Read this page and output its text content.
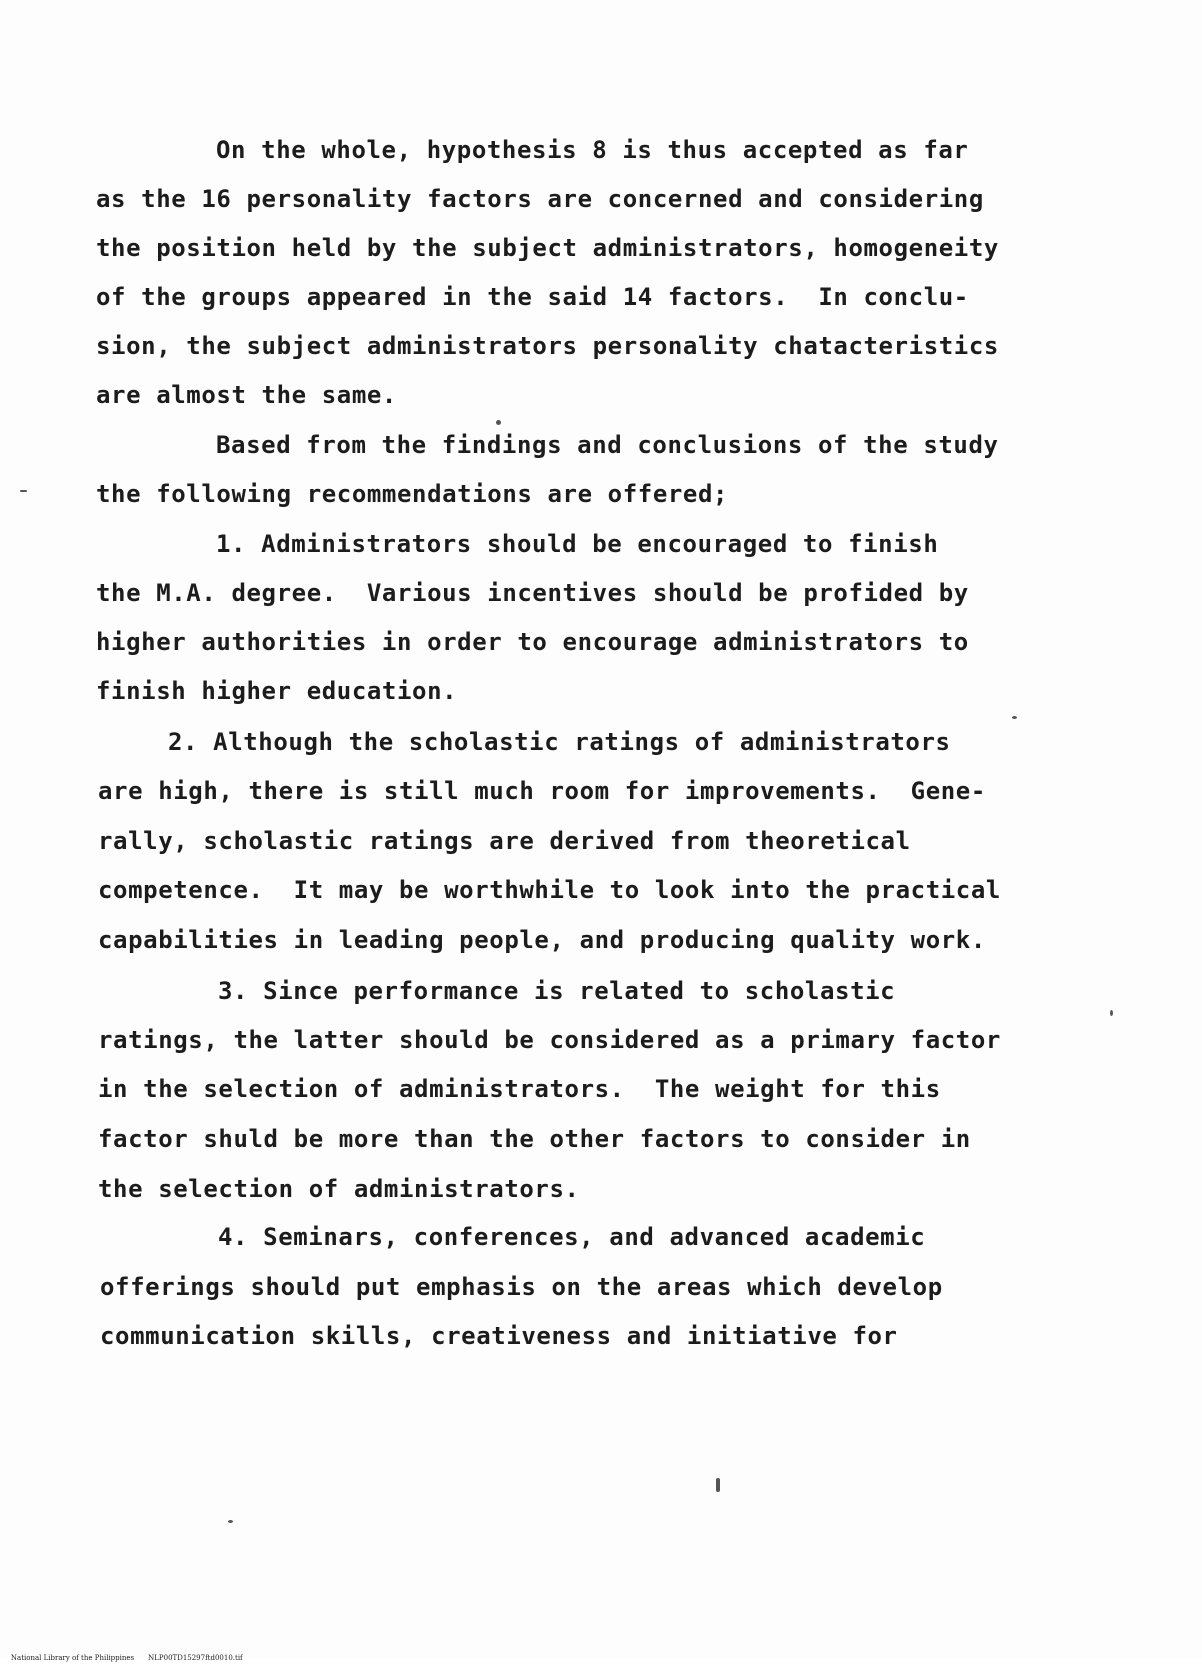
On the whole, hypothesis 8 is thus accepted as far

as the 16 personality factors are concerned and considering

the position held by the subject administrators, homogeneity

of the groups appeared in the said 14 factors.  In conclu-

sion, the subject administrators personality chatacteristics

are almost the same.

Based from the findings and conclusions of the study

the following recommendations are offered;

1. Administrators should be encouraged to finish

the M.A. degree.  Various incentives should be profided by

higher authorities in order to encourage administrators to

finish higher education.

2. Although the scholastic ratings of administrators

are high, there is still much room for improvements.  Gene-

rally, scholastic ratings are derived from theoretical

competence.  It may be worthwhile to look into the practical

capabilities in leading people, and producing quality work.

3. Since performance is related to scholastic

ratings, the latter should be considered as a primary factor

in the selection of administrators.  The weight for this

factor shuld be more than the other factors to consider in

the selection of administrators.

4. Seminars, conferences, and advanced academic

offerings should put emphasis on the areas which develop

communication skills, creativeness and initiative for

National Library of the Philippines NLP00TD15297ftd0010.tif
